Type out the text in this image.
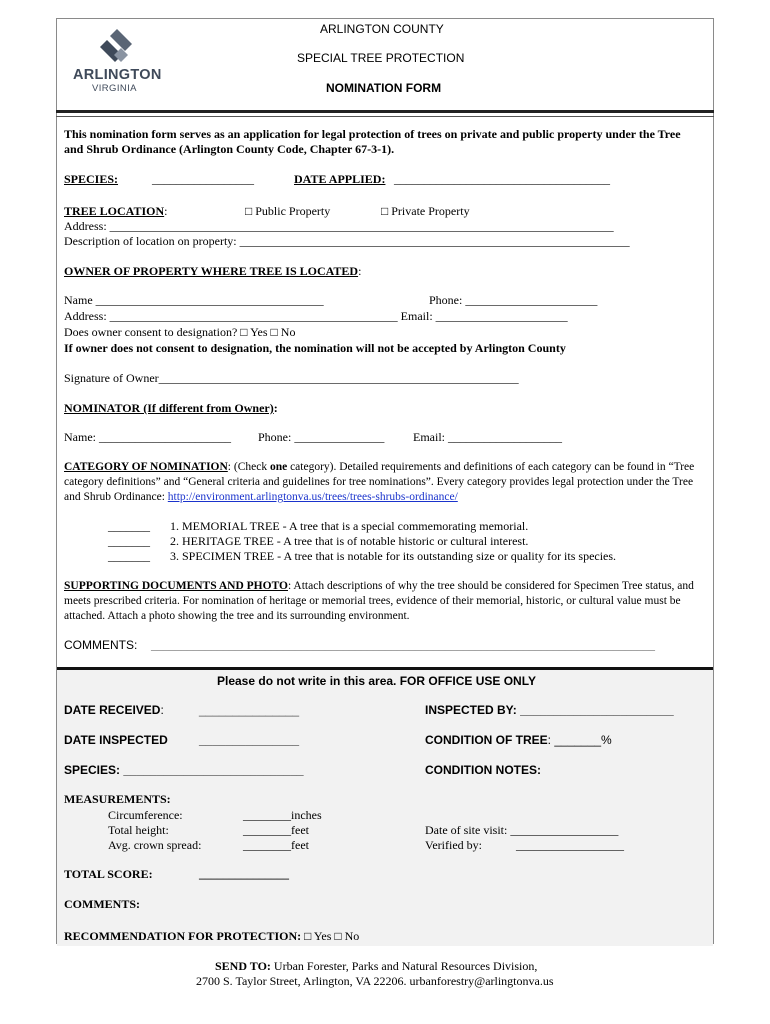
ARLINGTON
VIRGINIA
ARLINGTON COUNTY
SPECIAL TREE PROTECTION
NOMINATION FORM
This nomination form serves as an application for legal protection of trees on private and public property under the Tree and Shrub Ordinance (Arlington County Code, Chapter 67-3-1).
SPECIES:	_________________	DATE APPLIED: ____________________________________
TREE LOCATION:	□ Public Property	□ Private Property
Address: ____________________________________________________________________________________
Description of location on property: _________________________________________________________________
OWNER OF PROPERTY WHERE TREE IS LOCATED:
Name ______________________________________	Phone: ______________________
Address: ________________________________________________ Email: ______________________
Does owner consent to designation? □ Yes □ No
If owner does not consent to designation, the nomination will not be accepted by Arlington County
Signature of Owner____________________________________________________________
NOMINATOR (If different from Owner):
Name: ______________________ Phone: _______________ Email: ___________________
CATEGORY OF NOMINATION: (Check one category). Detailed requirements and definitions of each category can be found in “Tree category definitions” and “General criteria and guidelines for tree nominations”. Every category provides legal protection under the Tree and Shrub Ordinance: http://environment.arlingtonva.us/trees/trees-shrubs-ordinance/
_______ 1. MEMORIAL TREE - A tree that is a special commemorating memorial.
_______ 2. HERITAGE TREE - A tree that is of notable historic or cultural interest.
_______ 3. SPECIMEN TREE - A tree that is notable for its outstanding size or quality for its species.
SUPPORTING DOCUMENTS AND PHOTO: Attach descriptions of why the tree should be considered for Specimen Tree status, and meets prescribed criteria. For nomination of heritage or memorial trees, evidence of their memorial, historic, or cultural value must be attached. Attach a photo showing the tree and its surrounding environment.
COMMENTS: ____________________________________________________________________________________
Please do not write in this area. FOR OFFICE USE ONLY
DATE RECEIVED:	_______________	INSPECTED BY: _______________________
DATE INSPECTED	_______________	CONDITION OF TREE: _______%
SPECIES: ___________________________	CONDITION NOTES:
MEASUREMENTS:
Circumference:	________inches
Total height:	________feet	Date of site visit: __________________
Avg. crown spread:	________feet	Verified by:	__________________
TOTAL SCORE:	_______________
COMMENTS:
RECOMMENDATION FOR PROTECTION: □ Yes □ No
SEND TO: Urban Forester, Parks and Natural Resources Division,
2700 S. Taylor Street, Arlington, VA 22206. urbanforestry@arlingtonva.us
